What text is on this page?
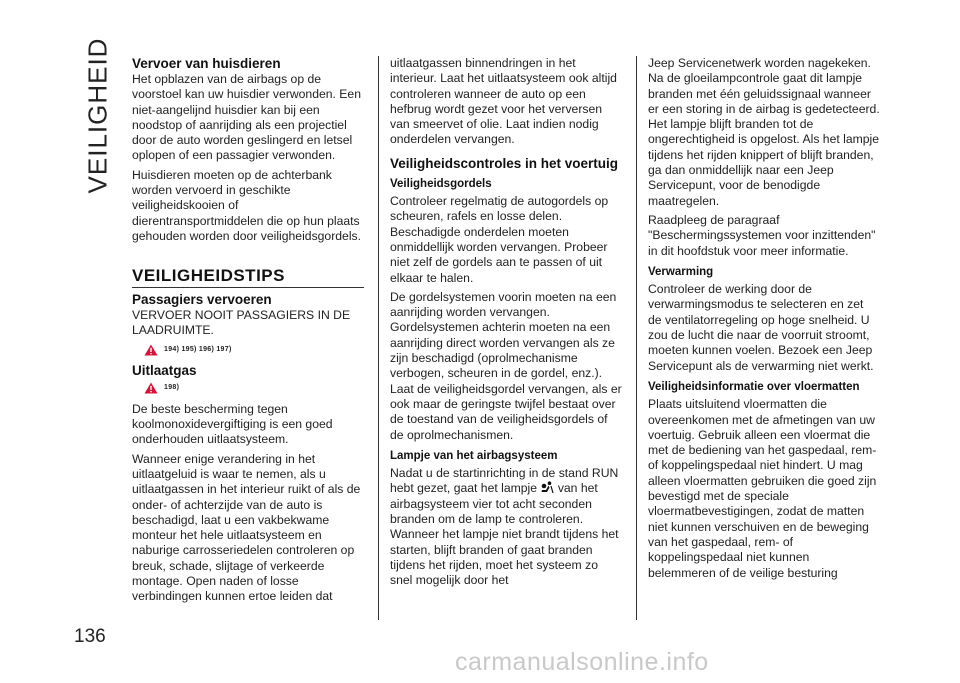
VEILIGHEID
136
Vervoer van huisdieren

Het opblazen van de airbags op de voorstoel kan uw huisdier verwonden. Een niet-aangelijnd huisdier kan bij een noodstop of aanrijding als een projectiel door de auto worden geslingerd en letsel oplopen of een passagier verwonden.

Huisdieren moeten op de achterbank worden vervoerd in geschikte veiligheidskooien of dierentransportmiddelen die op hun plaats gehouden worden door veiligheidsgordels.

VEILIGHEIDSTIPS
Passagiers vervoeren

VERVOER NOOIT PASSAGIERS IN DE LAADRUIMTE.

194) 195) 196) 197)
Uitlaatgas
198)

De beste bescherming tegen koolmonoxidevergiftiging is een goed onderhouden uitlaatsysteem.

Wanneer enige verandering in het uitlaatgeluid is waar te nemen, als u uitlaatgassen in het interieur ruikt of als de onder- of achterzijde van de auto is beschadigd, laat u een vakbekwame monteur het hele uitlaatsysteem en naburige carrosseriedelen controleren op breuk, schade, slijtage of verkeerde montage. Open naden of losse verbindingen kunnen ertoe leiden dat

uitlaatgassen binnendringen in het interieur. Laat het uitlaatsysteem ook altijd controleren wanneer de auto op een hefbrug wordt gezet voor het verversen van smeervet of olie. Laat indien nodig onderdelen vervangen.

Veiligheidscontroles in het voertuig
Veiligheidsgordels

Controleer regelmatig de autogordels op scheuren, rafels en losse delen. Beschadigde onderdelen moeten onmiddellijk worden vervangen. Probeer niet zelf de gordels aan te passen of uit elkaar te halen.

De gordelsystemen voorin moeten na een aanrijding worden vervangen. Gordelsystemen achterin moeten na een aanrijding direct worden vervangen als ze zijn beschadigd (oprolmechanisme verbogen, scheuren in de gordel, enz.). Laat de veiligheidsgordel vervangen, als er ook maar de geringste twijfel bestaat over de toestand van de veiligheidsgordels of de oprolmechanismen.

Lampje van het airbagsysteem

Nadat u de startinrichting in de stand RUN hebt gezet, gaat het lampje van het airbagsysteem vier tot acht seconden branden om de lamp te controleren. Wanneer het lampje niet brandt tijdens het starten, blijft branden of gaat branden tijdens het rijden, moet het systeem zo snel mogelijk door het

Jeep Servicenetwerk worden nagekeken. Na de gloeilampcontrole gaat dit lampje branden met één geluidssignaal wanneer er een storing in de airbag is gedetecteerd. Het lampje blijft branden tot de ongerechtigheid is opgelost. Als het lampje tijdens het rijden knippert of blijft branden, ga dan onmiddellijk naar een Jeep Servicepunt, voor de benodigde maatregelen.

Raadpleeg de paragraaf "Beschermingssystemen voor inzittenden" in dit hoofdstuk voor meer informatie.

Verwarming

Controleer de werking door de verwarmingsmodus te selecteren en zet de ventilatorregeling op hoge snelheid. U zou de lucht die naar de voorruit stroomt, moeten kunnen voelen. Bezoek een Jeep Servicepunt als de verwarming niet werkt.

Veiligheidsinformatie over vloermatten

Plaats uitsluitend vloermatten die overeenkomen met de afmetingen van uw voertuig. Gebruik alleen een vloermat die met de bediening van het gaspedaal, rem- of koppelingspedaal niet hindert. U mag alleen vloermatten gebruiken die goed zijn bevestigd met de speciale vloermatbevestigingen, zodat de matten niet kunnen verschuiven en de beweging van het gaspedaal, rem- of koppelingspedaal niet kunnen belemmeren of de veilige besturing

carmanualsonline.info
